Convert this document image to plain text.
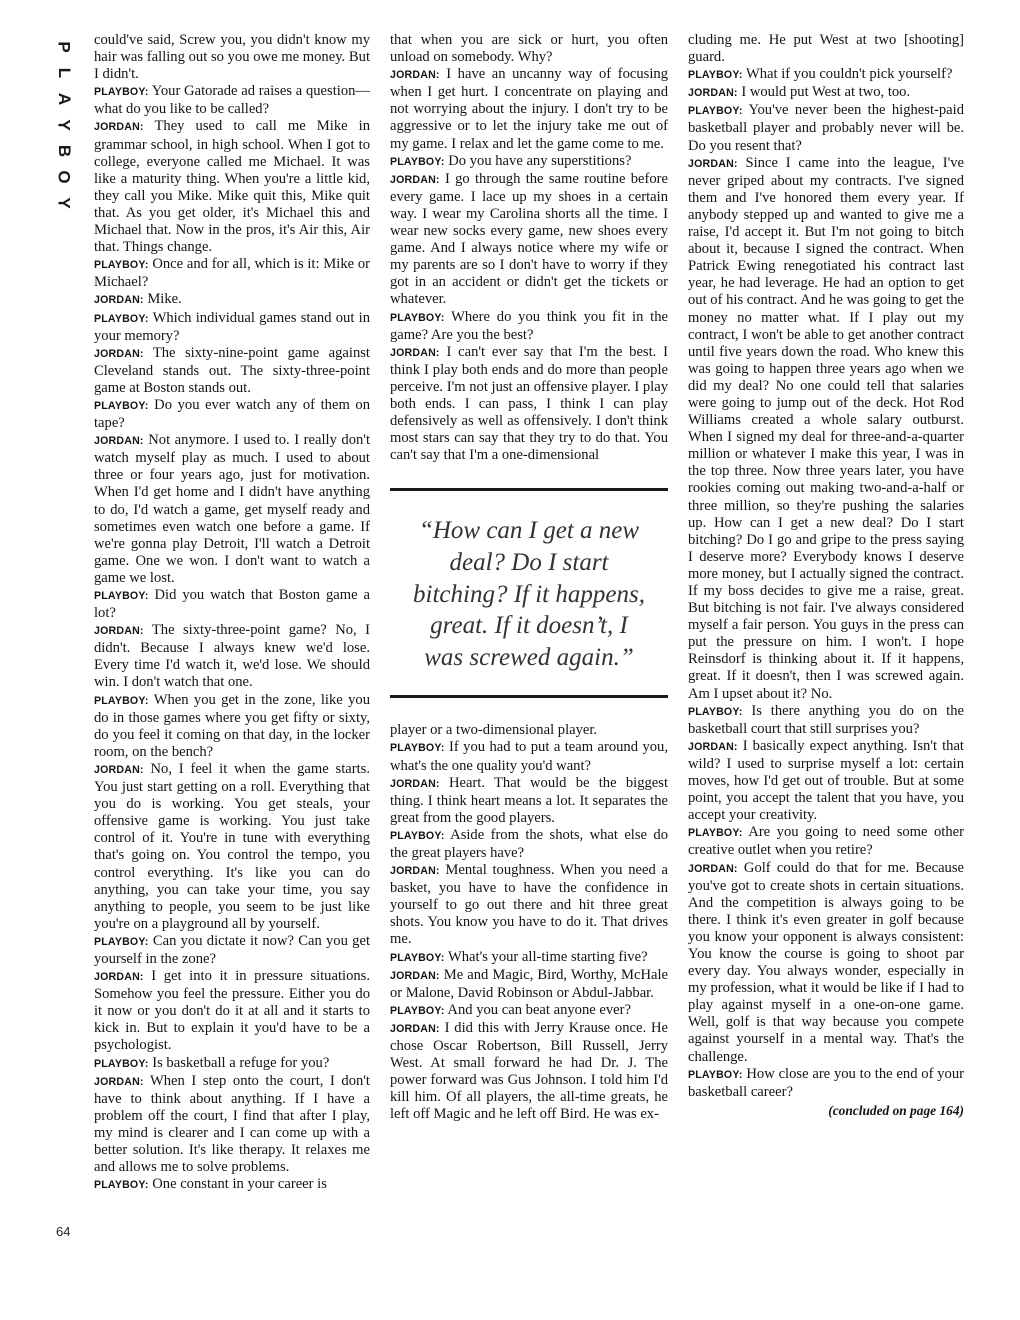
P
L
A
Y
B
O
Y
64

could've said, Screw you, you didn't know my hair was falling out so you owe me money. But I didn't.

PLAYBOY: Your Gatorade ad raises a question—what do you like to be called?

JORDAN: They used to call me Mike in grammar school, in high school. When I got to college, everyone called me Michael. It was like a maturity thing. When you're a little kid, they call you Mike. Mike quit this, Mike quit that. As you get older, it's Michael this and Michael that. Now in the pros, it's Air this, Air that. Things change.

PLAYBOY: Once and for all, which is it: Mike or Michael?

JORDAN: Mike.

PLAYBOY: Which individual games stand out in your memory?

JORDAN: The sixty-nine-point game against Cleveland stands out. The sixty-three-point game at Boston stands out.

PLAYBOY: Do you ever watch any of them on tape?

JORDAN: Not anymore. I used to. I really don't watch myself play as much. I used to about three or four years ago, just for motivation. When I'd get home and I didn't have anything to do, I'd watch a game, get myself ready and sometimes even watch one before a game. If we're gonna play Detroit, I'll watch a Detroit game. One we won. I don't want to watch a game we lost.

PLAYBOY: Did you watch that Boston game a lot?

JORDAN: The sixty-three-point game? No, I didn't. Because I always knew we'd lose. Every time I'd watch it, we'd lose. We should win. I don't watch that one.

PLAYBOY: When you get in the zone, like you do in those games where you get fifty or sixty, do you feel it coming on that day, in the locker room, on the bench?

JORDAN: No, I feel it when the game starts. You just start getting on a roll. Everything that you do is working. You get steals, your offensive game is working. You just take control of it. You're in tune with everything that's going on. You control the tempo, you control everything. It's like you can do anything, you can take your time, you say anything to people, you seem to be just like you're on a playground all by yourself.

PLAYBOY: Can you dictate it now? Can you get yourself in the zone?

JORDAN: I get into it in pressure situations. Somehow you feel the pressure. Either you do it now or you don't do it at all and it starts to kick in. But to explain it you'd have to be a psychologist.

PLAYBOY: Is basketball a refuge for you?

JORDAN: When I step onto the court, I don't have to think about anything. If I have a problem off the court, I find that after I play, my mind is clearer and I can come up with a better solution. It's like therapy. It relaxes me and allows me to solve problems.

PLAYBOY: One constant in your career is

that when you are sick or hurt, you often unload on somebody. Why?

JORDAN: I have an uncanny way of focusing when I get hurt. I concentrate on playing and not worrying about the injury. I don't try to be aggressive or to let the injury take me out of my game. I relax and let the game come to me.

PLAYBOY: Do you have any superstitions?

JORDAN: I go through the same routine before every game. I lace up my shoes in a certain way. I wear my Carolina shorts all the time. I wear new socks every game, new shoes every game. And I always notice where my wife or my parents are so I don't have to worry if they got in an accident or didn't get the tickets or whatever.

PLAYBOY: Where do you think you fit in the game? Are you the best?

JORDAN: I can't ever say that I'm the best. I think I play both ends and do more than people perceive. I'm not just an offensive player. I play both ends. I can pass, I think I can play defensively as well as offensively. I don't think most stars can say that they try to do that. You can't say that I'm a one-dimensional

“How can I get a new deal? Do I start bitching? If it happens, great. If it doesn’t, I was screwed again.”

player or a two-dimensional player.

PLAYBOY: If you had to put a team around you, what's the one quality you'd want?

JORDAN: Heart. That would be the biggest thing. I think heart means a lot. It separates the great from the good players.

PLAYBOY: Aside from the shots, what else do the great players have?

JORDAN: Mental toughness. When you need a basket, you have to have the confidence in yourself to go out there and hit three great shots. You know you have to do it. That drives me.

PLAYBOY: What's your all-time starting five?

JORDAN: Me and Magic, Bird, Worthy, McHale or Malone, David Robinson or Abdul-Jabbar.

PLAYBOY: And you can beat anyone ever?

JORDAN: I did this with Jerry Krause once. He chose Oscar Robertson, Bill Russell, Jerry West. At small forward he had Dr. J. The power forward was Gus Johnson. I told him I'd kill him. Of all players, the all-time greats, he left off Magic and he left off Bird. He was ex-

cluding me. He put West at two [shooting] guard.

PLAYBOY: What if you couldn't pick yourself?

JORDAN: I would put West at two, too.

PLAYBOY: You've never been the highest-paid basketball player and probably never will be. Do you resent that?

JORDAN: Since I came into the league, I've never griped about my contracts. I've signed them and I've honored them every year. If anybody stepped up and wanted to give me a raise, I'd accept it. But I'm not going to bitch about it, because I signed the contract. When Patrick Ewing renegotiated his contract last year, he had leverage. He had an option to get out of his contract. And he was going to get the money no matter what. If I play out my contract, I won't be able to get another contract until five years down the road. Who knew this was going to happen three years ago when we did my deal? No one could tell that salaries were going to jump out of the deck. Hot Rod Williams created a whole salary outburst. When I signed my deal for three-and-a-quarter million or whatever I make this year, I was in the top three. Now three years later, you have rookies coming out making two-and-a-half or three million, so they're pushing the salaries up. How can I get a new deal? Do I start bitching? Do I go and gripe to the press saying I deserve more? Everybody knows I deserve more money, but I actually signed the contract. If my boss decides to give me a raise, great. But bitching is not fair. I've always considered myself a fair person. You guys in the press can put the pressure on him. I won't. I hope Reinsdorf is thinking about it. If it happens, great. If it doesn't, then I was screwed again. Am I upset about it? No.

PLAYBOY: Is there anything you do on the basketball court that still surprises you?

JORDAN: I basically expect anything. Isn't that wild? I used to surprise myself a lot: certain moves, how I'd get out of trouble. But at some point, you accept the talent that you have, you accept your creativity.

PLAYBOY: Are you going to need some other creative outlet when you retire?

JORDAN: Golf could do that for me. Because you've got to create shots in certain situations. And the competition is always going to be there. I think it's even greater in golf because you know your opponent is always consistent: You know the course is going to shoot par every day. You always wonder, especially in my profession, what it would be like if I had to play against myself in a one-on-one game. Well, golf is that way because you compete against yourself in a mental way. That's the challenge.

PLAYBOY: How close are you to the end of your basketball career?

(concluded on page 164)
